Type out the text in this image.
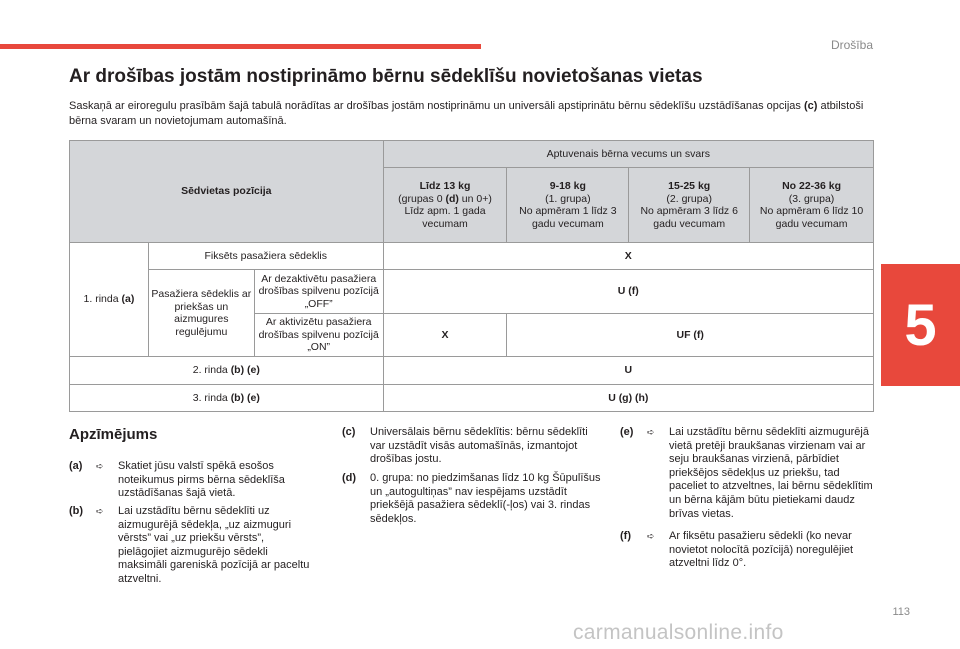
Drošība
Ar drošības jostām nostiprināmo bērnu sēdeklīšu novietošanas vietas

Saskaņā ar eiroregulu prasībām šajā tabulā norādītas ar drošības jostām nostiprināmu un universāli apstiprinātu bērnu sēdeklīšu uzstādīšanas opcijas (c) atbilstoši bērna svaram un novietojumam automašīnā.

5
Sēdvietas pozīcija			Aptuvenais bērna vecums un svars			
			Līdz 13 kg
(grupas 0 (d) un 0+)
Līdz apm. 1 gada vecumam	9-18 kg
(1. grupa)
No apmēram 1 līdz 3 gadu vecumam	15-25 kg
(2. grupa)
No apmēram 3 līdz 6 gadu vecumam	No 22-36 kg
(3. grupa)
No apmēram 6 līdz 10 gadu vecumam
1. rinda (a)	Fiksēts pasažiera sēdeklis		X			
	Pasažiera sēdeklis ar priekšas un aizmugures regulējumu	Ar dezaktivētu pasažiera drošības spilvenu pozīcijā „OFF”	U (f)			
		Ar aktivizētu pasažiera drošības spilvenu pozīcijā „ON”	X	UF (f)		
2. rinda (b) (e)			U			
3. rinda (b) (e)			U (g) (h)			
Apzīmējums
(a) ➪ Skatiet jūsu valstī spēkā esošos noteikumus pirms bērna sēdeklīša uzstādīšanas šajā vietā.
(b) ➪ Lai uzstādītu bērnu sēdeklīti uz aizmugurējā sēdekļa, „uz aizmuguri vērsts” vai „uz priekšu vērsts”, pielāgojiet aizmugurējo sēdekli maksimāli gareniskā pozīcijā ar paceltu atzveltni.
(c) Universālais bērnu sēdeklītis: bērnu sēdeklīti var uzstādīt visās automašīnās, izmantojot drošības jostu.
(d) 0. grupa: no piedzimšanas līdz 10 kg Šūpulīšus un „autogultiņas” nav iespējams uzstādīt priekšējā pasažiera sēdeklī(-ļos) vai 3. rindas sēdekļos.
(e) ➪ Lai uzstādītu bērnu sēdeklīti aizmugurējā vietā pretēji braukšanas virzienam vai ar seju braukšanas virzienā, pārbīdiet priekšējos sēdekļus uz priekšu, tad paceliet to atzveltnes, lai bērnu sēdeklītim un bērna kājām būtu pietiekami daudz brīvas vietas.
(f) ➪ Ar fiksētu pasažieru sēdekli (ko nevar novietot nolocītā pozīcijā) noregulējiet atzveltni līdz 0°.
113
carmanualsonline.info
